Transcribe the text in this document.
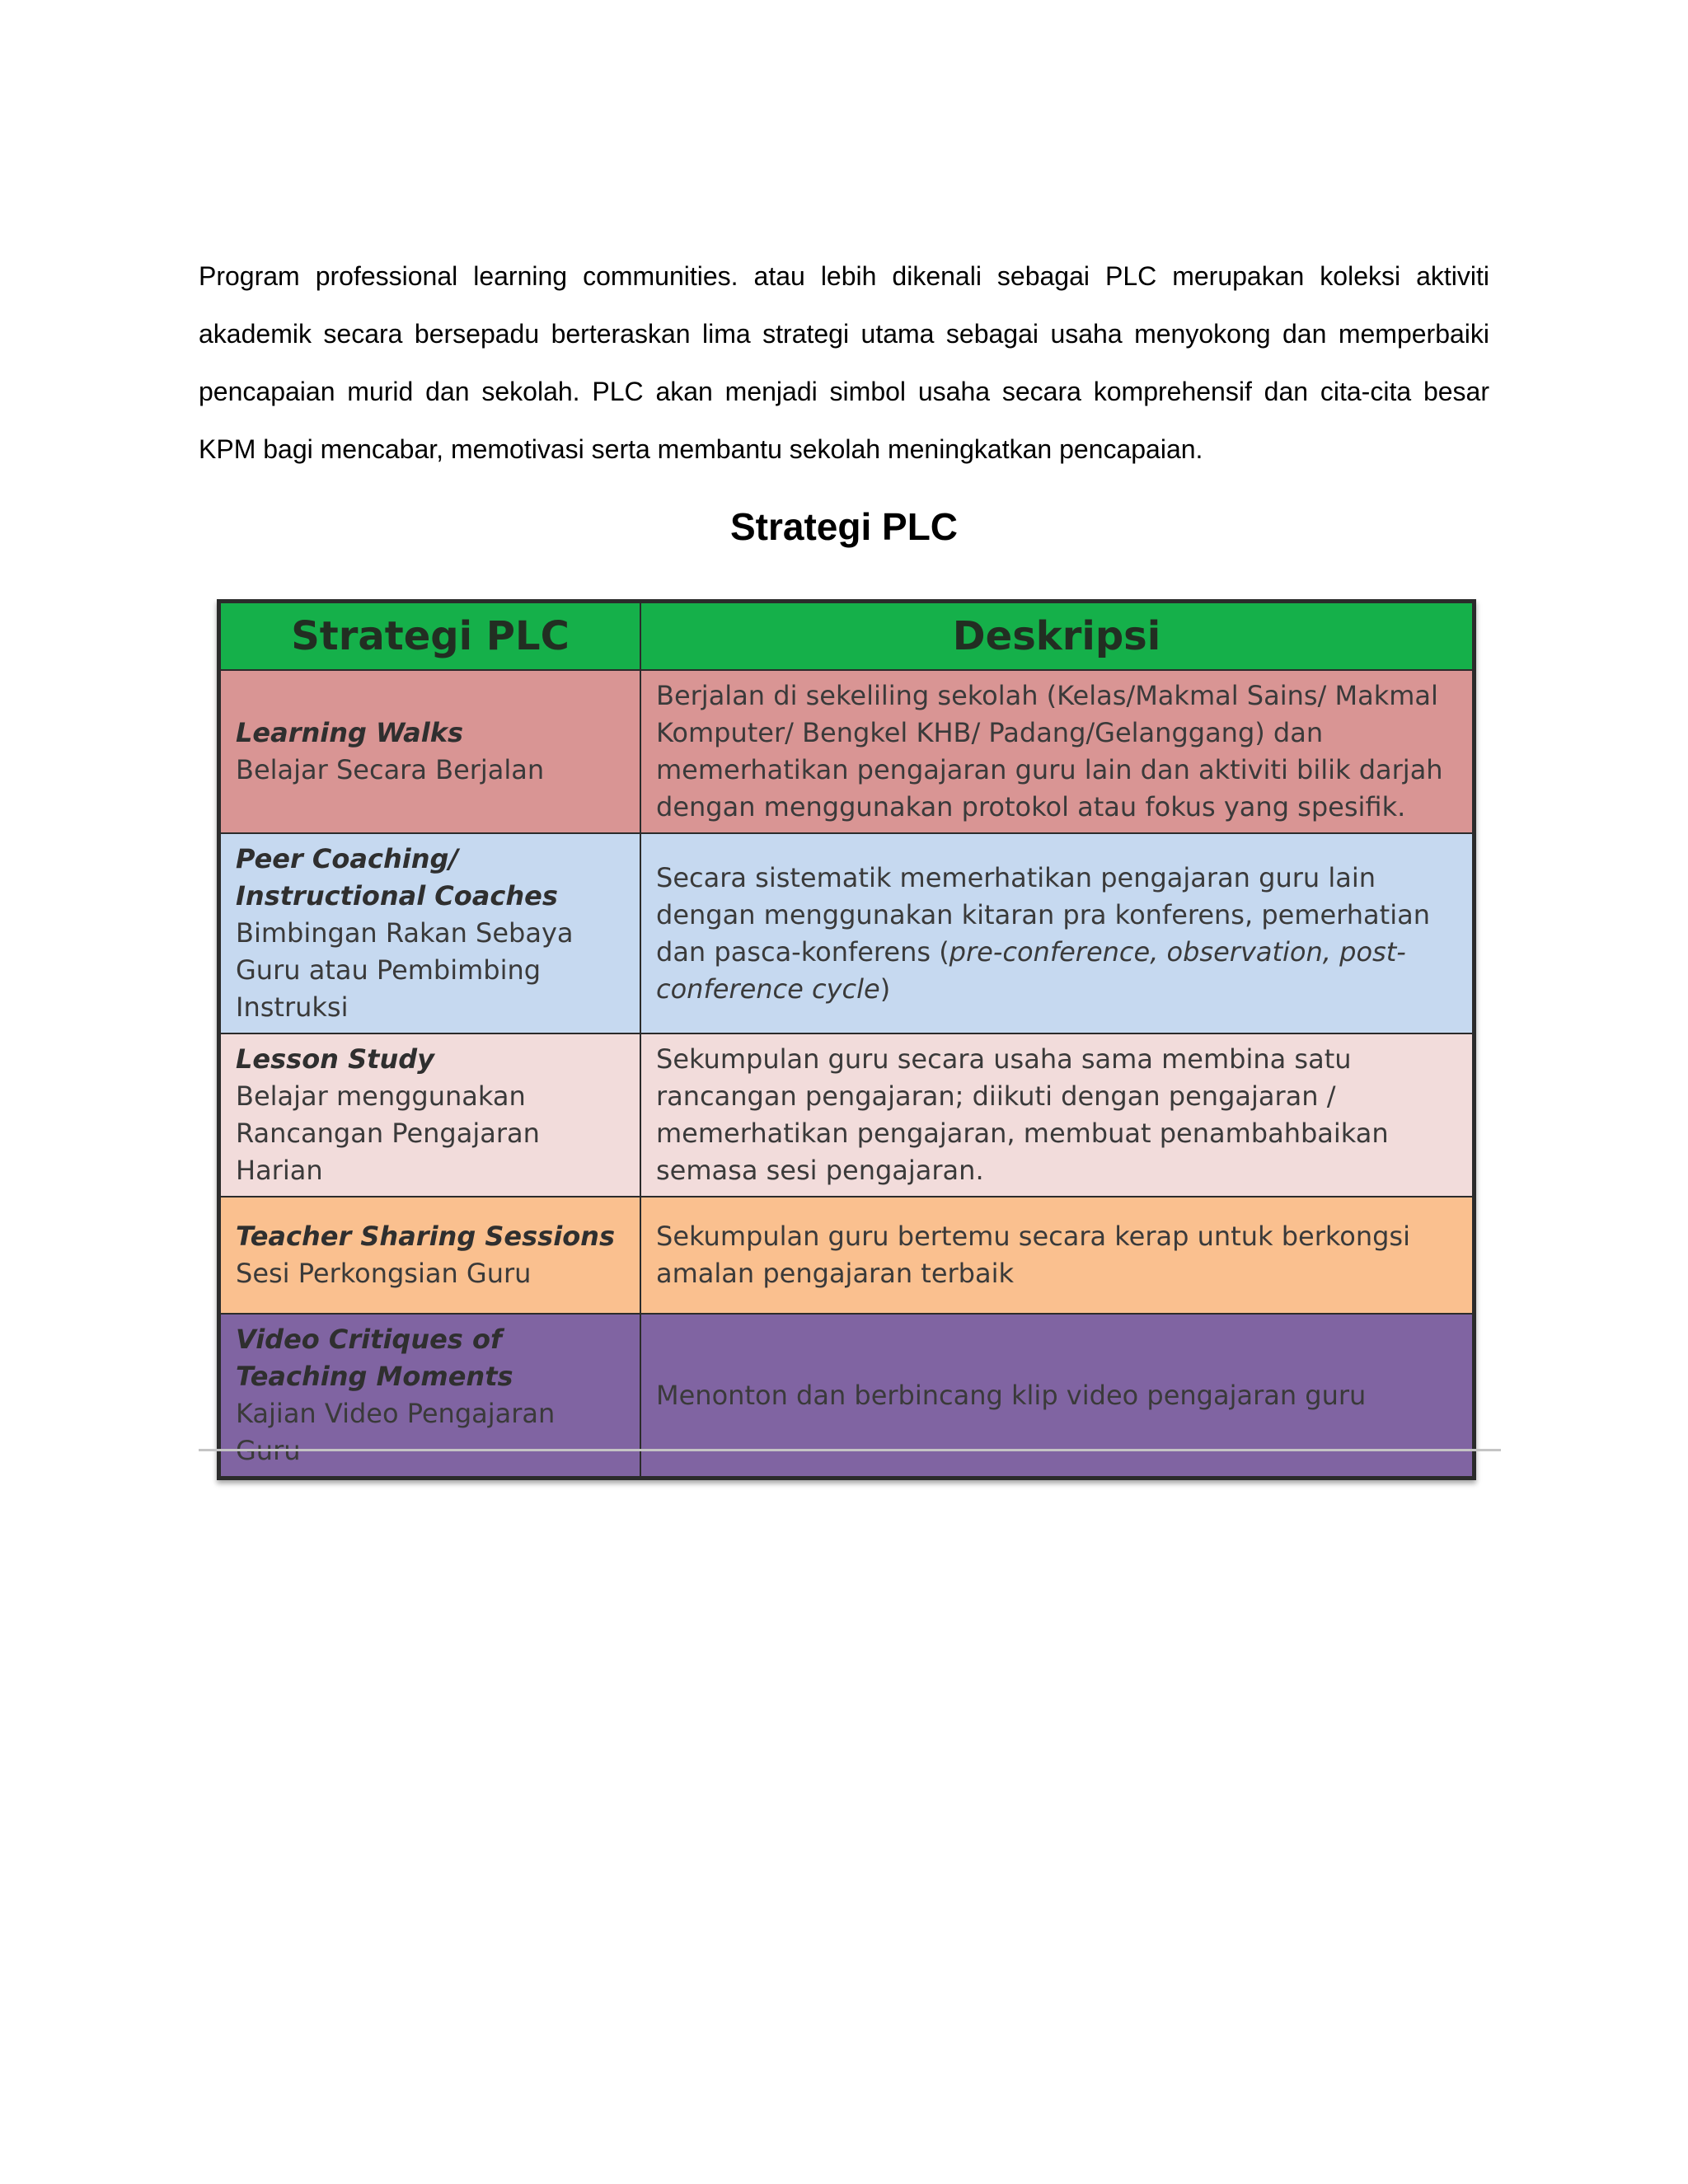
Program professional learning communities. atau lebih dikenali sebagai PLC merupakan koleksi aktiviti akademik secara bersepadu berteraskan lima strategi utama sebagai usaha menyokong dan memperbaiki pencapaian murid dan sekolah. PLC akan menjadi simbol usaha secara komprehensif dan cita-cita besar KPM bagi mencabar, memotivasi serta membantu sekolah meningkatkan pencapaian.

Strategi PLC
Strategi PLC	Deskripsi

Learning Walks
Belajar Secara Berjalan	Berjalan di sekeliling sekolah (Kelas/Makmal Sains/ Makmal Komputer/ Bengkel KHB/ Padang/Gelanggang) dan memerhatikan pengajaran guru lain dan aktiviti bilik darjah dengan menggunakan protokol atau fokus yang spesifik.

Peer Coaching/ Instructional Coaches
Bimbingan Rakan Sebaya Guru atau Pembimbing Instruksi	Secara sistematik memerhatikan pengajaran guru lain dengan menggunakan kitaran pra konferens, pemerhatian dan pasca-konferens (pre-conference, observation, post-conference cycle)

Lesson Study
Belajar menggunakan Rancangan Pengajaran Harian	Sekumpulan guru secara usaha sama membina satu rancangan pengajaran; diikuti dengan pengajaran / memerhatikan pengajaran, membuat penambahbaikan semasa sesi pengajaran.

Teacher Sharing Sessions
Sesi Perkongsian Guru	Sekumpulan guru bertemu secara kerap untuk berkongsi amalan pengajaran terbaik

Video Critiques of Teaching Moments
Kajian Video Pengajaran Guru	Menonton dan berbincang klip video pengajaran guru
